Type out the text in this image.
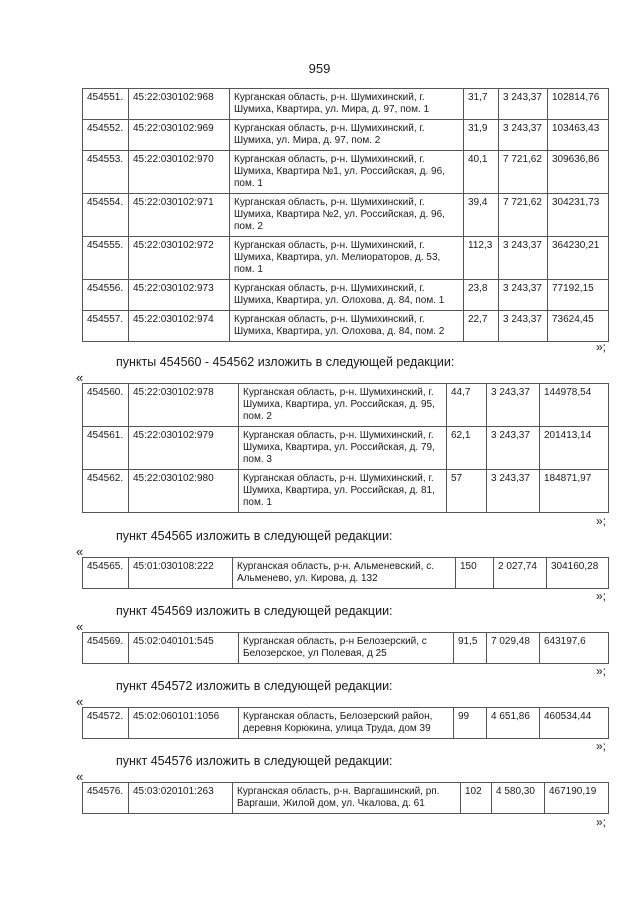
959
454551.	45:22:030102:968	Курганская область, р-н. Шумихинский, г. Шумиха, Квартира, ул. Мира, д. 97, пом. 1	31,7	3 243,37	102814,76
454552.	45:22:030102:969	Курганская область, р-н. Шумихинский, г. Шумиха, ул. Мира, д. 97, пом. 2	31,9	3 243,37	103463,43
454553.	45:22:030102:970	Курганская область, р-н. Шумихинский, г. Шумиха, Квартира №1, ул. Российская, д. 96, пом. 1	40,1	7 721,62	309636,86
454554.	45:22:030102:971	Курганская область, р-н. Шумихинский, г. Шумиха, Квартира №2, ул. Российская, д. 96, пом. 2	39,4	7 721,62	304231,73
454555.	45:22:030102:972	Курганская область, р-н. Шумихинский, г. Шумиха, Квартира, ул. Мелиораторов, д. 53, пом. 1	112,3	3 243,37	364230,21
454556.	45:22:030102:973	Курганская область, р-н. Шумихинский, г. Шумиха, Квартира, ул. Олохова, д. 84, пом. 1	23,8	3 243,37	77192,15
454557.	45:22:030102:974	Курганская область, р-н. Шумихинский, г. Шумиха, Квартира, ул. Олохова, д. 84, пом. 2	22,7	3 243,37	73624,45
»;
пункты 454560 - 454562 изложить в следующей редакции:
«
454560.	45:22:030102:978	Курганская область, р-н. Шумихинский, г. Шумиха, Квартира, ул. Российская, д. 95, пом. 2	44,7	3 243,37	144978,54
454561.	45:22:030102:979	Курганская область, р-н. Шумихинский, г. Шумиха, Квартира, ул. Российская, д. 79, пом. 3	62,1	3 243,37	201413,14
454562.	45:22:030102:980	Курганская область, р-н. Шумихинский, г. Шумиха, Квартира, ул. Российская, д. 81, пом. 1	57	3 243,37	184871,97
»;
пункт 454565 изложить в следующей редакции:
«
454565.	45:01:030108:222	Курганская область, р-н. Альменевский, с. Альменево, ул. Кирова, д. 132	150	2 027,74	304160,28
»;
пункт 454569 изложить в следующей редакции:
«
454569.	45:02:040101:545	Курганская область, р-н Белозерский, с Белозерское, ул Полевая, д 25	91,5	7 029,48	643197,6
»;
пункт 454572 изложить в следующей редакции:
«
454572.	45:02:060101:1056	Курганская область, Белозерский район, деревня Корюкина, улица Труда, дом 39	99	4 651,86	460534,44
»;
пункт 454576 изложить в следующей редакции:
«
454576.	45:03:020101:263	Курганская область, р-н. Варгашинский, рп. Варгаши, Жилой дом, ул. Чкалова, д. 61	102	4 580,30	467190,19
»;
